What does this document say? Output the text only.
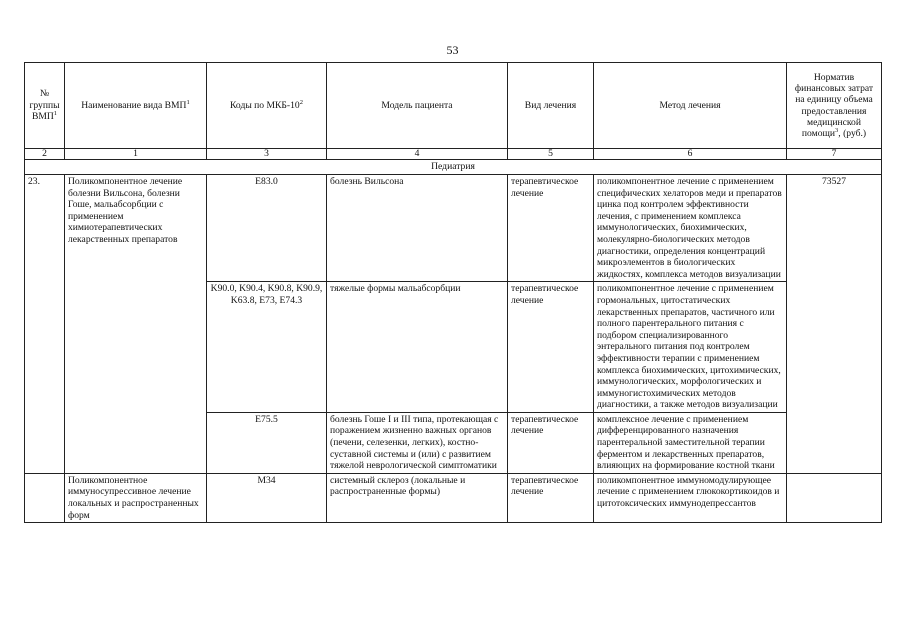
53
№ группы ВМП$^1$	Наименование вида ВМП$^1$	Коды по МКБ-$10^2$	Модель пациента	Вид лечения	Метод лечения	Норматив финансовых затрат на единицу объема предоставления медицинской помощи$^3$, (руб.)
2	1	3	4	5	6	7
Педиатрия						
23.	Поликомпонентное лечение болезни Вильсона, болезни Гоше, мальабсорбции с применением химиотерапевтических лекарственных препаратов	E83.0	болезнь Вильсона	терапевтическое лечение	поликомпонентное лечение с применением специфических хелаторов меди и препаратов цинка под контролем эффективности лечения, с применением комплекса иммунологических, биохимических, молекулярно-биологических методов диагностики, определения концентраций микроэлементов в биологических жидкостях, комплекса методов визуализации	73527
		K90.0, K90.4, K90.8, K90.9, K63.8, E73, E74.3	тяжелые формы мальабсорбции	терапевтическое лечение	поликомпонентное лечение с применением гормональных, цитостатических лекарственных препаратов, частичного или полного парентерального питания с подбором специализированного энтерального питания под контролем эффективности терапии с применением комплекса биохимических, цитохимических, иммунологических, морфологических и иммуногистохимических методов диагностики, а также методов визуализации	
		E75.5	болезнь Гоше I и III типа, протекающая с поражением жизненно важных органов (печени, селезенки, легких), костно-суставной системы и (или) с развитием тяжелой неврологической симптоматики	терапевтическое лечение	комплексное лечение с применением дифференцированного назначения парентеральной заместительной терапии ферментом и лекарственных препаратов, влияющих на формирование костной ткани	
	Поликомпонентное иммуносупрессивное лечение локальных и распространенных форм	M34	системный склероз (локальные и распространенные формы)	терапевтическое лечение	поликомпонентное иммуномодулирующее лечение с применением глюкокортикоидов и цитотоксических иммунодепрессантов	
